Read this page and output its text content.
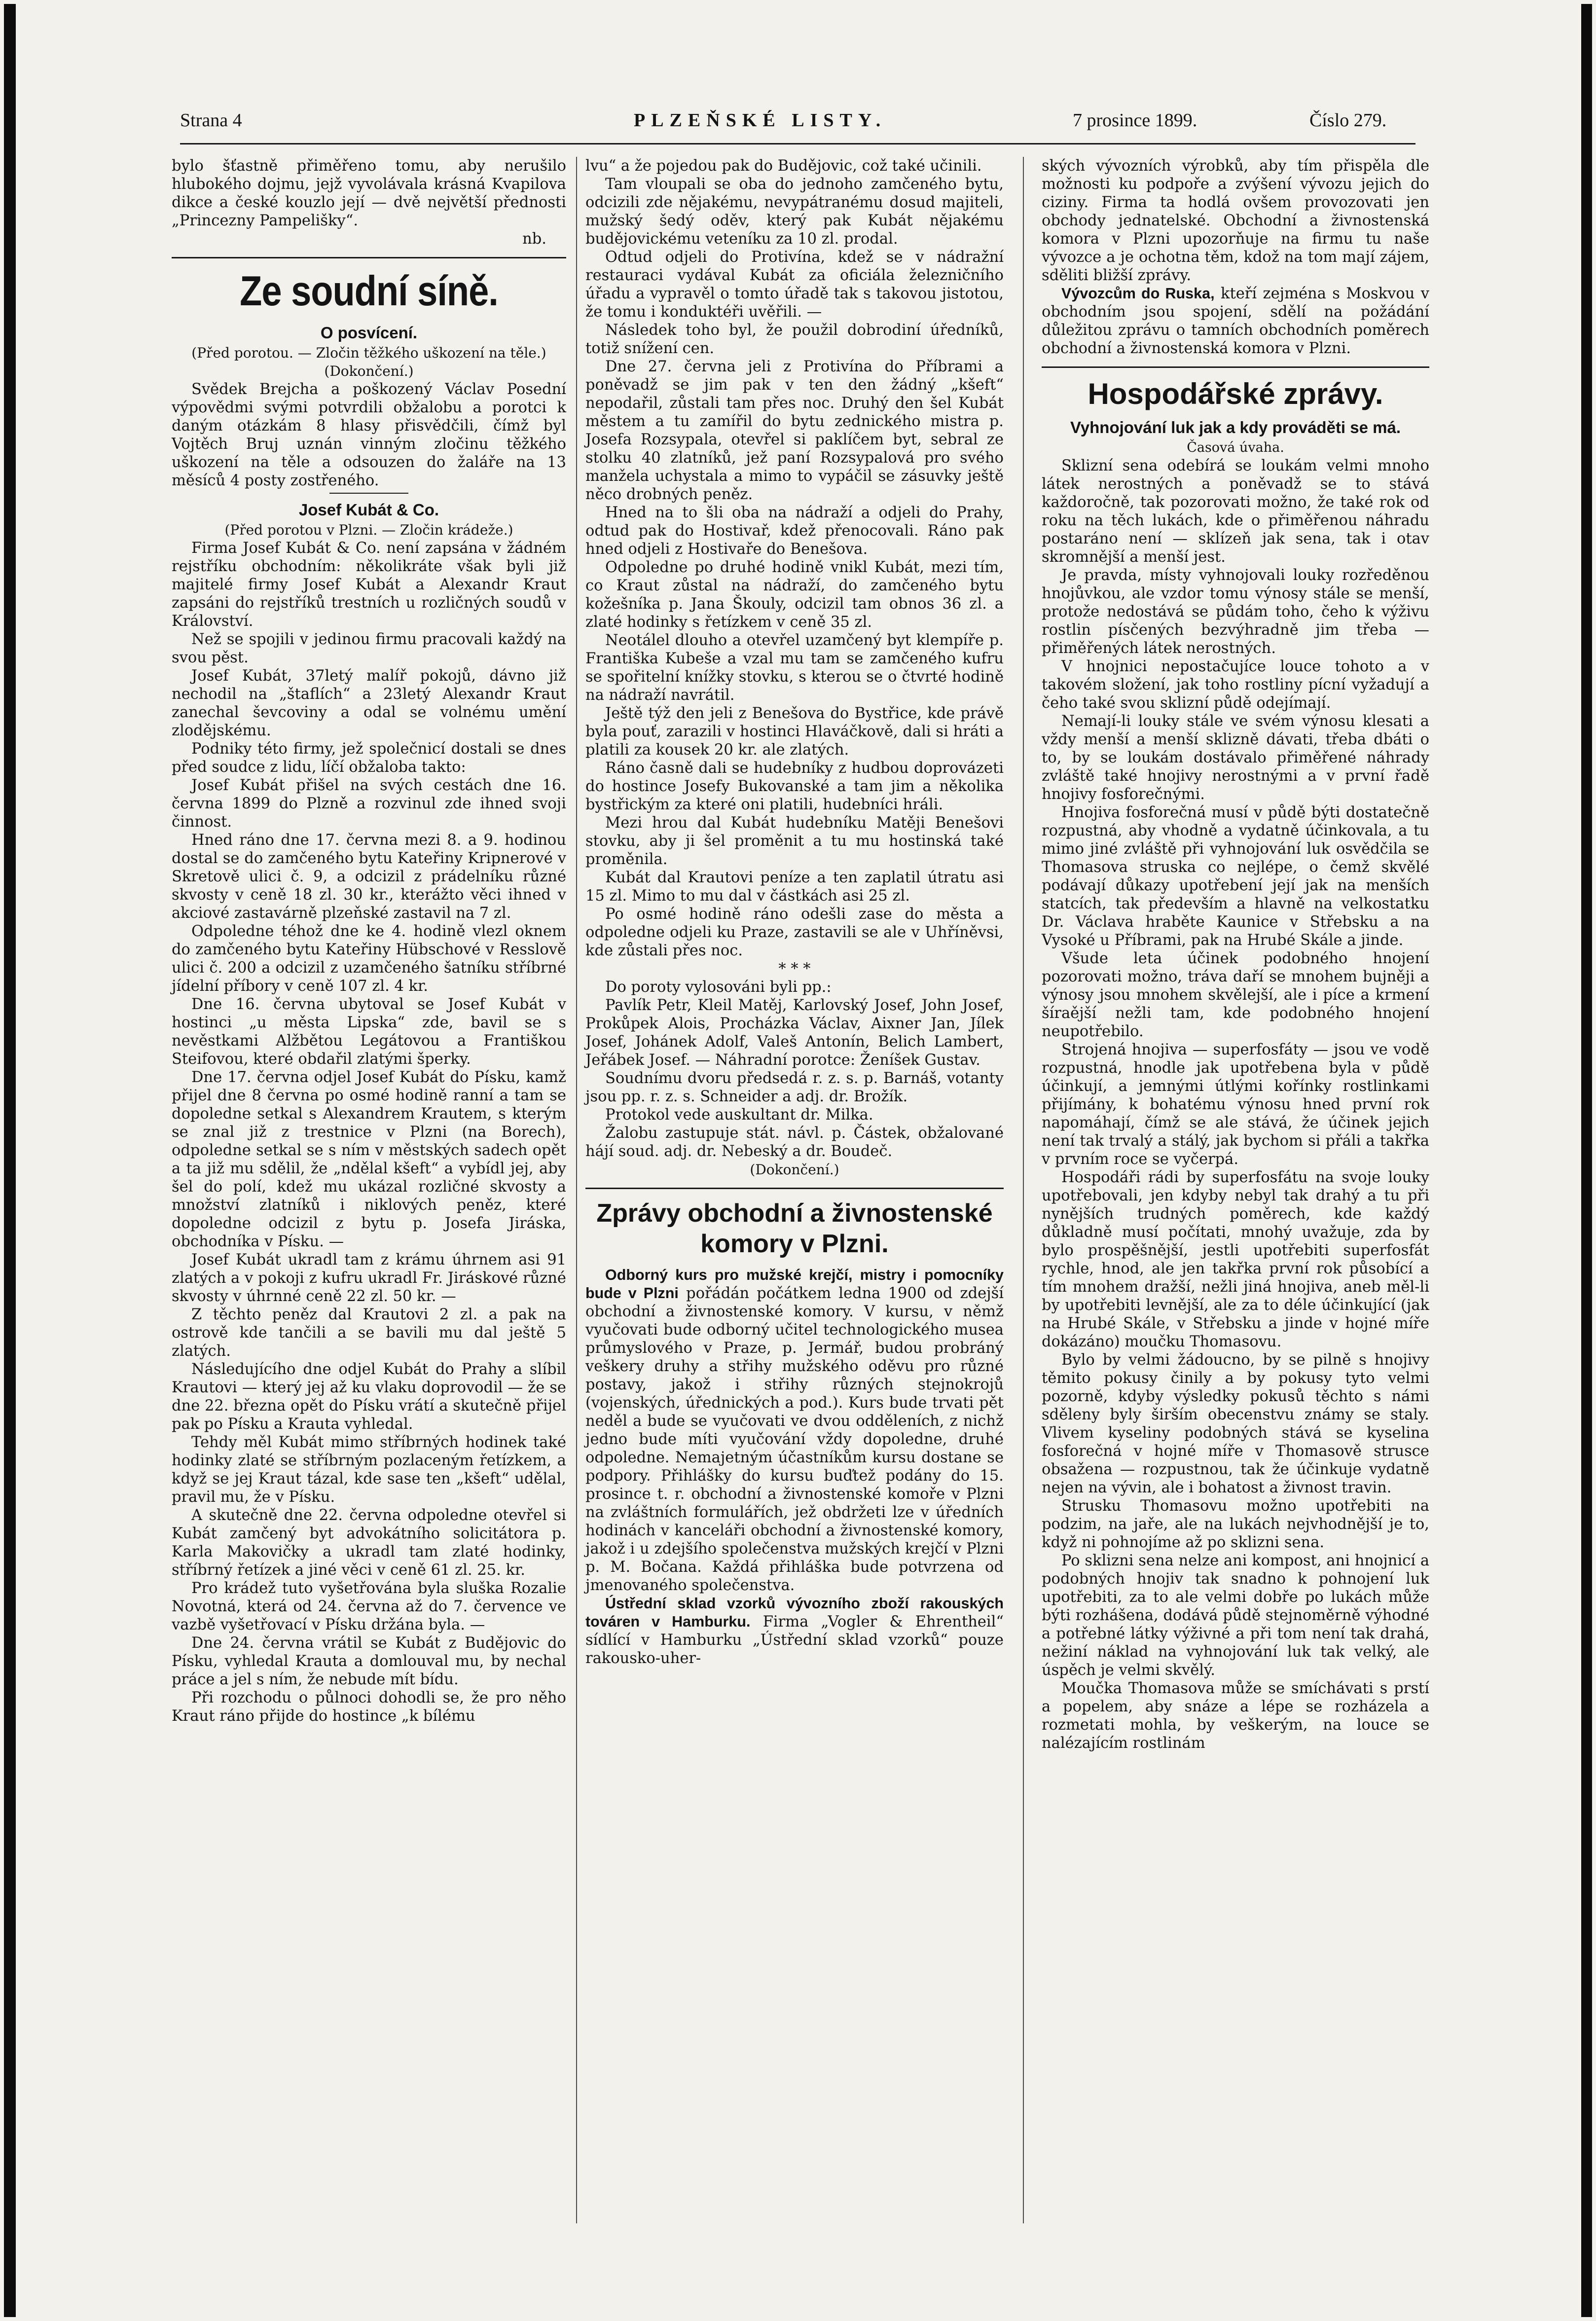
Strana 4	PLZEŇSKÉ LISTY.	7 prosince 1899.	Číslo 279.

bylo šťastně přiměřeno tomu, aby nerušilo hlubokého dojmu, jejž vyvolávala krásná Kvapilova dikce a české kouzlo její — dvě největší přednosti „Princezny Pampelišky“.

nb.
Ze soudní síně.
O posvícení.
(Před porotou. — Zločin těžkého uškození na těle.)
(Dokončení.)

Svědek Brejcha a poškozený Václav Posední výpovědmi svými potvrdili obžalobu a porotci k daným otázkám 8 hlasy přisvědčili, čímž byl Vojtěch Bruj uznán vinným zločinu těžkého uškození na těle a odsouzen do žaláře na 13 měsíců 4 posty zostřeného.

Josef Kubát & Co.
(Před porotou v Plzni. — Zločin krádeže.)

Firma Josef Kubát & Co. není zapsána v žádném rejstříku obchodním: několikráte však byli již majitelé firmy Josef Kubát a Alexandr Kraut zapsáni do rejstříků trestních u rozličných soudů v Království.

Než se spojili v jedinou firmu pracovali každý na svou pěst.

Josef Kubát, 37letý malíř pokojů, dávno již nechodil na „štaflích“ a 23letý Alexandr Kraut zanechal ševcoviny a odal se volnému umění zlodějskému.

Podniky této firmy, jež společnicí dostali se dnes před soudce z lidu, líčí obžaloba takto:

Josef Kubát přišel na svých cestách dne 16. června 1899 do Plzně a rozvinul zde ihned svoji činnost.

Hned ráno dne 17. června mezi 8. a 9. hodinou dostal se do zamčeného bytu Kateřiny Kripnerové v Skretově ulici č. 9, a odcizil z prádelníku různé skvosty v ceně 18 zl. 30 kr., kterážto věci ihned v akciové zastavárně plzeňské zastavil na 7 zl.

Odpoledne téhož dne ke 4. hodině vlezl oknem do zamčeného bytu Kateřiny Hübschové v Resslově ulici č. 200 a odcizil z uzamčeného šatníku stříbrné jídelní příbory v ceně 107 zl. 4 kr.

Dne 16. června ubytoval se Josef Kubát v hostinci „u města Lipska“ zde, bavil se s nevěstkami Alžbětou Legátovou a Františkou Steifovou, které obdařil zlatými šperky.

Dne 17. června odjel Josef Kubát do Písku, kamž přijel dne 8 června po osmé hodině ranní a tam se dopoledne setkal s Alexandrem Krautem, s kterým se znal již z trestnice v Plzni (na Borech), odpoledne setkal se s ním v městských sadech opět a ta již mu sdělil, že „ndělal kšeft“ a vybídl jej, aby šel do polí, kdež mu ukázal rozličné skvosty a množství zlatníků i niklových peněz, které dopoledne odcizil z bytu p. Josefa Jiráska, obchodníka v Písku. —

Josef Kubát ukradl tam z krámu úhrnem asi 91 zlatých a v pokoji z kufru ukradl Fr. Jiráskové různé skvosty v úhrnné ceně 22 zl. 50 kr. —

Z těchto peněz dal Krautovi 2 zl. a pak na ostrově kde tančili a se bavili mu dal ještě 5 zlatých.

Následujícího dne odjel Kubát do Prahy a slíbil Krautovi — který jej až ku vlaku doprovodil — že se dne 22. března opět do Písku vrátí a skutečně přijel pak po Písku a Krauta vyhledal.

Tehdy měl Kubát mimo stříbrných hodinek také hodinky zlaté se stříbrným pozlaceným řetízkem, a když se jej Kraut tázal, kde sase ten „kšeft“ udělal, pravil mu, že v Písku.

A skutečně dne 22. června odpoledne otevřel si Kubát zamčený byt advokátního solicitátora p. Karla Makovičky a ukradl tam zlaté hodinky, stříbrný řetízek a jiné věci v ceně 61 zl. 25. kr.

Pro krádež tuto vyšetřována byla sluška Rozalie Novotná, která od 24. června až do 7. července ve vazbě vyšetřovací v Písku držána byla. —

Dne 24. června vrátil se Kubát z Budějovic do Písku, vyhledal Krauta a domlouval mu, by nechal práce a jel s ním, že nebude mít bídu.

Při rozchodu o půlnoci dohodli se, že pro něho Kraut ráno přijde do hostince „k bílému

lvu“ a že pojedou pak do Budějovic, což také učinili.

Tam vloupali se oba do jednoho zamčeného bytu, odcizili zde nějakému, nevypátranému dosud majiteli, mužský šedý oděv, který pak Kubát nějakému budějovickému veteníku za 10 zl. prodal.

Odtud odjeli do Protivína, kdež se v nádražní restauraci vydával Kubát za oficiála železničního úřadu a vypravěl o tomto úřadě tak s takovou jistotou, že tomu i konduktéři uvěřili. —

Následek toho byl, že použil dobrodiní úředníků, totiž snížení cen.

Dne 27. června jeli z Protivína do Příbrami a poněvadž se jim pak v ten den žádný „kšeft“ nepodařil, zůstali tam přes noc. Druhý den šel Kubát městem a tu zamířil do bytu zednického mistra p. Josefa Rozsypala, otevřel si paklíčem byt, sebral ze stolku 40 zlatníků, jež paní Rozsypalová pro svého manžela uchystala a mimo to vypáčil se zásuvky ještě něco drobných peněz.

Hned na to šli oba na nádraží a odjeli do Prahy, odtud pak do Hostivař, kdež přenocovali. Ráno pak hned odjeli z Hostivaře do Benešova.

Odpoledne po druhé hodině vnikl Kubát, mezi tím, co Kraut zůstal na nádraží, do zamčeného bytu kožešníka p. Jana Škouly, odcizil tam obnos 36 zl. a zlaté hodinky s řetízkem v ceně 35 zl.

Neotálel dlouho a otevřel uzamčený byt klempíře p. Františka Kubeše a vzal mu tam se zamčeného kufru se spořitelní knížky stovku, s kterou se o čtvrté hodině na nádraží navrátil.

Ještě týž den jeli z Benešova do Bystřice, kde právě byla pouť, zarazili v hostinci Hlaváčkově, dali si hráti a platili za kousek 20 kr. ale zlatých.

Ráno časně dali se hudebníky z hudbou doprovázeti do hostince Josefy Bukovanské a tam jim a několika bystřickým za které oni platili, hudebníci hráli.

Mezi hrou dal Kubát hudebníku Matěji Benešovi stovku, aby ji šel proměnit a tu mu hostinská také proměnila.

Kubát dal Krautovi peníze a ten zaplatil útratu asi 15 zl. Mimo to mu dal v částkách asi 25 zl.

Po osmé hodině ráno odešli zase do města a odpoledne odjeli ku Praze, zastavili se ale v Uhříněvsi, kde zůstali přes noc.

* * *

Do poroty vylosováni byli pp.:

Pavlík Petr, Kleil Matěj, Karlovský Josef, John Josef, Prokůpek Alois, Procházka Václav, Aixner Jan, Jílek Josef, Johánek Adolf, Valeš Antonín, Belich Lambert, Jeřábek Josef. — Náhradní porotce: Ženíšek Gustav.

Soudnímu dvoru předsedá r. z. s. p. Barnáš, votanty jsou pp. r. z. s. Schneider a adj. dr. Brožík.

Protokol vede auskultant dr. Milka.

Žalobu zastupuje stát. návl. p. Částek, obžalované hájí soud. adj. dr. Nebeský a dr. Boudeč.

(Dokončení.)
Zprávy obchodní a živnostenské komory v Plzni.

Odborný kurs pro mužské krejčí, mistry i pomocníky bude v Plzni pořádán počátkem ledna 1900 od zdejší obchodní a živnostenské komory. V kursu, v němž vyučovati bude odborný učitel technologického musea průmyslového v Praze, p. Jermář, budou probráný veškery druhy a střihy mužského oděvu pro různé postavy, jakož i střihy různých stejnokrojů (vojenských, úřednických a pod.). Kurs bude trvati pět neděl a bude se vyučovati ve dvou odděleních, z nichž jedno bude míti vyučování vždy dopoledne, druhé odpoledne. Nemajetným účastníkům kursu dostane se podpory. Přihlášky do kursu buďtež podány do 15. prosince t. r. obchodní a živnostenské komoře v Plzni na zvláštních formulářích, jež obdržeti lze v úředních hodinách v kanceláři obchodní a živnostenské komory, jakož i u zdejšího společenstva mužských krejčí v Plzni p. M. Bočana. Každá přihláška bude potvrzena od jmenovaného společenstva.

Ústřední sklad vzorků vývozního zboží rakouských továren v Hamburku. Firma „Vogler & Ehrentheil“ sídlící v Hamburku „Ústřední sklad vzorků“ pouze rakousko-uher-

ských vývozních výrobků, aby tím přispěla dle možnosti ku podpoře a zvýšení vývozu jejich do ciziny. Firma ta hodlá ovšem provozovati jen obchody jednatelské. Obchodní a živnostenská komora v Plzni upozorňuje na firmu tu naše vývozce a je ochotna těm, kdož na tom mají zájem, sděliti bližší zprávy.

Vývozcům do Ruska, kteří zejména s Moskvou v obchodním jsou spojení, sdělí na požádání důležitou zprávu o tamních obchodních poměrech obchodní a živnostenská komora v Plzni.

Hospodářské zprávy.
Vyhnojování luk jak a kdy prováděti se má.
Časová úvaha.

Sklizní sena odebírá se loukám velmi mnoho látek nerostných a poněvadž se to stává každoročně, tak pozorovati možno, že také rok od roku na těch lukách, kde o přiměřenou náhradu postaráno není — sklízeň jak sena, tak i otav skromnější a menší jest.

Je pravda, místy vyhnojovali louky rozředěnou hnojůvkou, ale vzdor tomu výnosy stále se menší, protože nedostává se půdám toho, čeho k výživu rostlin písčených bezvýhradně jim třeba — přiměřených látek nerostných.

V hnojnici nepostačujíce louce tohoto a v takovém složení, jak toho rostliny pícní vyžadují a čeho také svou sklizní půdě odejímají.

Nemají-li louky stále ve svém výnosu klesati a vždy menší a menší sklizně dávati, třeba dbáti o to, by se loukám dostávalo přiměřené náhrady zvláště také hnojivy nerostnými a v první řadě hnojivy fosforečnými.

Hnojiva fosforečná musí v půdě býti dostatečně rozpustná, aby vhodně a vydatně účinkovala, a tu mimo jiné zvláště při vyhnojování luk osvědčila se Thomasova struska co nejlépe, o čemž skvělé podávají důkazy upotřebení její jak na menších statcích, tak především a hlavně na velkostatku Dr. Václava hraběte Kaunice v Střebsku a na Vysoké u Příbrami, pak na Hrubé Skále a jinde.

Všude leta účinek podobného hnojení pozorovati možno, tráva daří se mnohem bujněji a výnosy jsou mnohem skvělejší, ale i píce a krmení šíraější nežli tam, kde podobného hnojení neupotřebilo.

Strojená hnojiva — superfosfáty — jsou ve vodě rozpustná, hnodle jak upotřebena byla v půdě účinkují, a jemnými útlými kořínky rostlinkami přijímány, k bohatému výnosu hned první rok napomáhají, čímž se ale stává, že účinek jejich není tak trvalý a stálý, jak bychom si přáli a takřka v prvním roce se vyčerpá.

Hospodáři rádi by superfosfátu na svoje louky upotřebovali, jen kdyby nebyl tak drahý a tu při nynějších trudných poměrech, kde každý důkladně musí počítati, mnohý uvažuje, zda by bylo prospěšnější, jestli upotřebiti superfosfát rychle, hnod, ale jen takřka první rok působící a tím mnohem dražší, nežli jiná hnojiva, aneb měl-li by upotřebiti levnější, ale za to déle účinkující (jak na Hrubé Skále, v Střebsku a jinde v hojné míře dokázáno) moučku Thomasovu.

Bylo by velmi žádoucno, by se pilně s hnojivy těmito pokusy činily a by pokusy tyto velmi pozorně, kdyby výsledky pokusů těchto s námi sděleny byly širším obecenstvu známy se staly. Vlivem kyseliny podobných stává se kyselina fosforečná v hojné míře v Thomasově strusce obsažena — rozpustnou, tak že účinkuje vydatně nejen na vývin, ale i bohatost a živnost travin.

Strusku Thomasovu možno upotřebiti na podzim, na jaře, ale na lukách nejvhodnější je to, když ni pohnojíme až po sklizni sena.

Po sklizni sena nelze ani kompost, ani hnojnicí a podobných hnojiv tak snadno k pohnojení luk upotřebiti, za to ale velmi dobře po lukách může býti rozhášena, dodává půdě stejnoměrně výhodné a potřebné látky výživné a při tom není tak drahá, nežiní náklad na vyhnojování luk tak velký, ale úspěch je velmi skvělý.

Moučka Thomasova může se smíchávati s prstí a popelem, aby snáze a lépe se rozházela a rozmetati mohla, by veškerým, na louce se nalézajícím rostlinám
